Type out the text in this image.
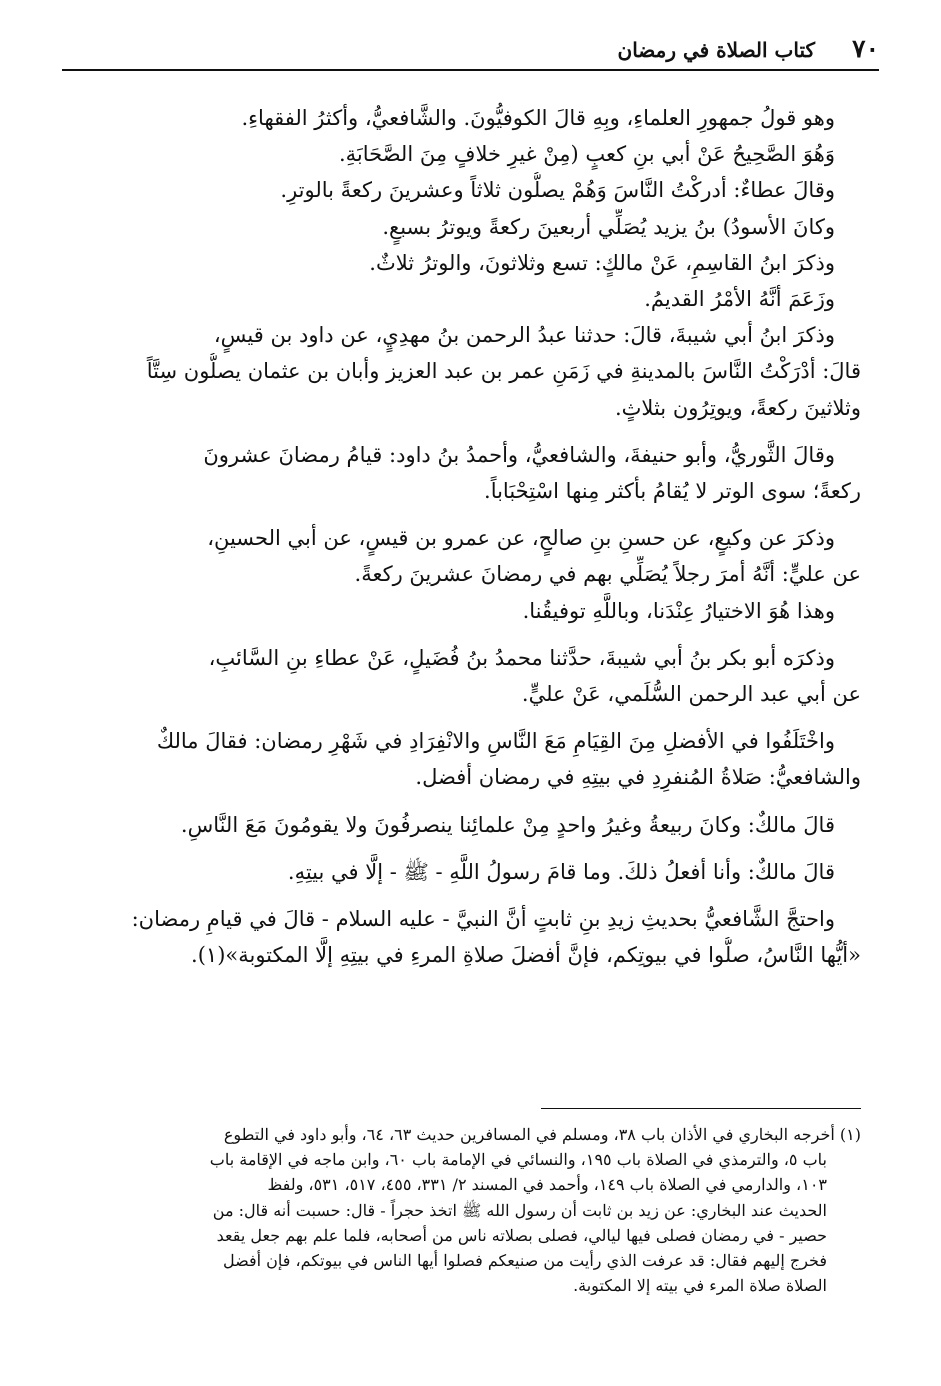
٧٠
كتاب الصلاة في رمضان

وهو قولُ جمهورِ العلماءِ، وبِهِ قالَ الكوفيُّونَ. والشَّافعيُّ، وأكثرُ الفقهاءِ.
وَهُوَ الصَّحِيحُ عَنْ أبي بنِ كعبٍ (مِنْ غيرِ خلافٍ مِنَ الصَّحَابَةِ.
وقالَ عطاءٌ: أدركْتُ النَّاسَ وَهُمْ يصلُّون ثلاثاً وعشرينَ ركعةً بالوترِ.
وكانَ الأسودُ) بنُ يزيد يُصَلِّي أربعينَ ركعةً ويوترُ بسبعٍ.
وذكرَ ابنُ القاسِمِ، عَنْ مالكٍ: تسع وثلاثونَ، والوترُ ثلاثٌ.
وزَعَمَ أنَّهُ الأمْرُ القديمُ.

وذكرَ ابنُ أبي شيبةَ، قالَ: حدثنا عبدُ الرحمن بنُ مهدِيٍ، عن داود بن قيسٍ،
قالَ: أدْرَكْتُ النَّاسَ بالمدينةِ في زَمَنِ عمر بن عبد العزيز وأبان بن عثمان يصلُّون سِتَّاً
وثلاثينَ ركعةً، ويوتِرُون بثلاثٍ.

وقالَ الثَّوريُّ، وأبو حنيفةَ، والشافعيُّ، وأحمدُ بنُ داود: قيامُ رمضانَ عشرونَ
ركعةً؛ سوى الوتر لا يُقامُ بأكثر مِنها اسْتِحْبَاباً.

وذكرَ عن وكيعٍ، عن حسنِ بنِ صالحٍ، عن عمرو بن قيسٍ، عن أبي الحسينِ،
عن عليٍّ: أنَّهُ أمرَ رجلاً يُصَلِّي بهم في رمضانَ عشرينَ ركعةً.

وهذا هُوَ الاختيارُ عِنْدَنا، وباللَّهِ توفيقُنا.

وذكرَه أبو بكر بنُ أبي شيبةَ، حدَّثنا محمدُ بنُ فُضَيلٍ، عَنْ عطاءِ بنِ السَّائبِ،
عن أبي عبد الرحمن السُّلَمي، عَنْ عليٍّ.

واخْتَلَفُوا في الأفضلِ مِنَ القِيَامِ مَعَ النَّاسِ والانْفِرَادِ في شَهْرِ رمضان: فقالَ مالكٌ
والشافعيُّ: صَلاةُ المُنفرِدِ في بيتِهِ في رمضان أفضل.

قالَ مالكٌ: وكانَ ربيعةُ وغيرُ واحدٍ مِنْ علمائِنا ينصرفُونَ ولا يقومُونَ مَعَ النَّاسِ.

قالَ مالكٌ: وأنا أفعلُ ذلكَ. وما قامَ رسولُ اللَّهِ - ﷺ - إلَّا في بيتِهِ.

واحتجَّ الشَّافعيُّ بحديثِ زيدِ بنِ ثابتٍ أنَّ النبيَّ - عليه السلام - قالَ في قيامِ رمضان:
«أيُّها النَّاسُ، صلُّوا في بيوتِكم، فإنَّ أفضلَ صلاةِ المرءِ في بيتِهِ إلَّا المكتوبة»(١).

(١) أخرجه البخاري في الأذان باب ٣٨، ومسلم في المسافرين حديث ٦٣، ٦٤، وأبو داود في التطوع
باب ٥، والترمذي في الصلاة باب ١٩٥، والنسائي في الإمامة باب ٦٠، وابن ماجه في الإقامة باب
١٠٣، والدارمي في الصلاة باب ١٤٩، وأحمد في المسند ٢/ ٣٣١، ٤٥٥، ٥١٧، ٥٣١، ولفظ
الحديث عند البخاري: عن زيد بن ثابت أن رسول الله ﷺ اتخذ حجراً - قال: حسبت أنه قال: من
حصير - في رمضان فصلى فيها ليالي، فصلى بصلاته ناس من أصحابه، فلما علم بهم جعل يقعد
فخرج إليهم فقال: قد عرفت الذي رأيت من صنيعكم فصلوا أيها الناس في بيوتكم، فإن أفضل
الصلاة صلاة المرء في بيته إلا المكتوبة.
